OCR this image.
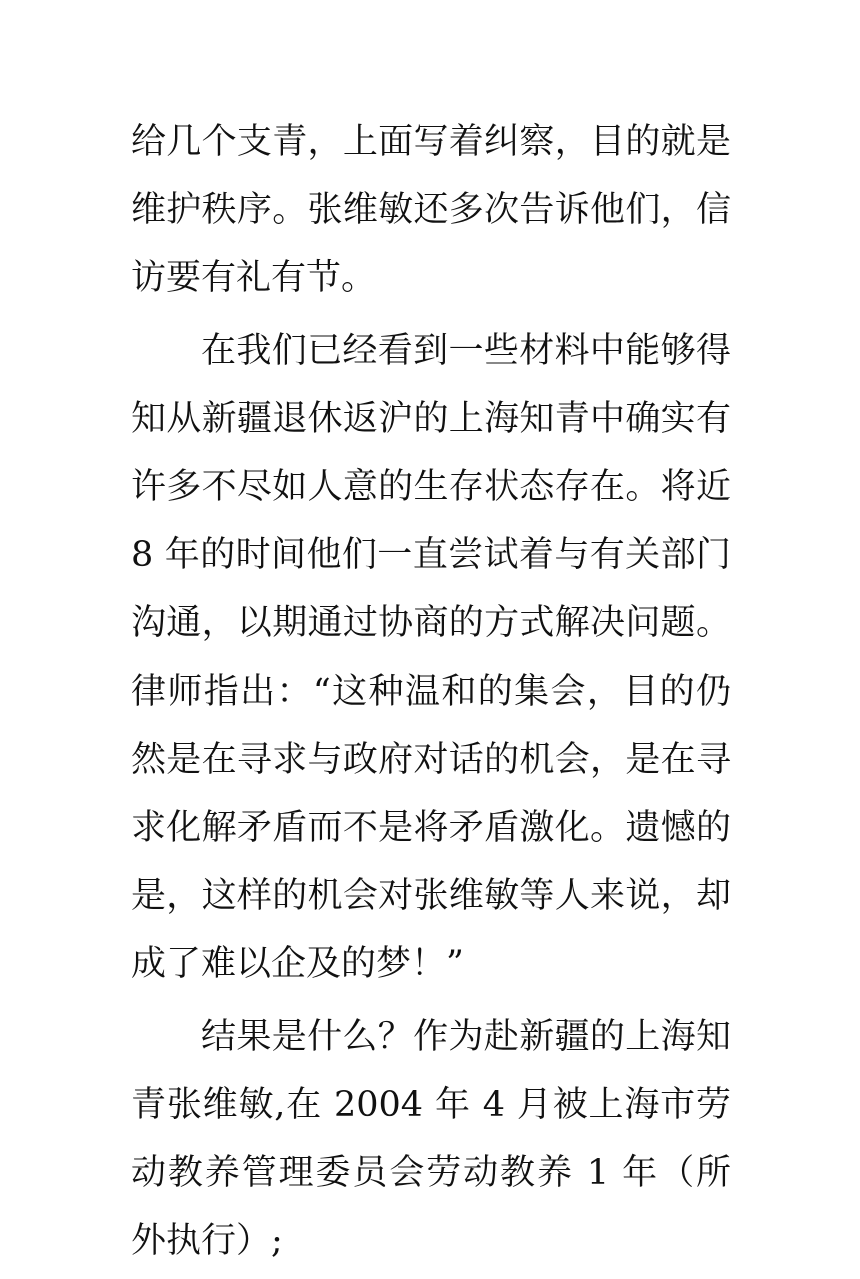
给几个支青，上面写着纠察，目的就是维护秩序。张维敏还多次告诉他们，信访要有礼有节。

在我们已经看到一些材料中能够得知从新疆退休返沪的上海知青中确实有许多不尽如人意的生存状态存在。将近 8 年的时间他们一直尝试着与有关部门沟通，以期通过协商的方式解决问题。律师指出：“这种温和的集会，目的仍然是在寻求与政府对话的机会，是在寻求化解矛盾而不是将矛盾激化。遗憾的是，这样的机会对张维敏等人来说，却成了难以企及的梦！”

结果是什么？作为赴新疆的上海知青张维敏,在 2004 年 4 月被上海市劳动教养管理委员会劳动教养 1 年（所外执行）;
